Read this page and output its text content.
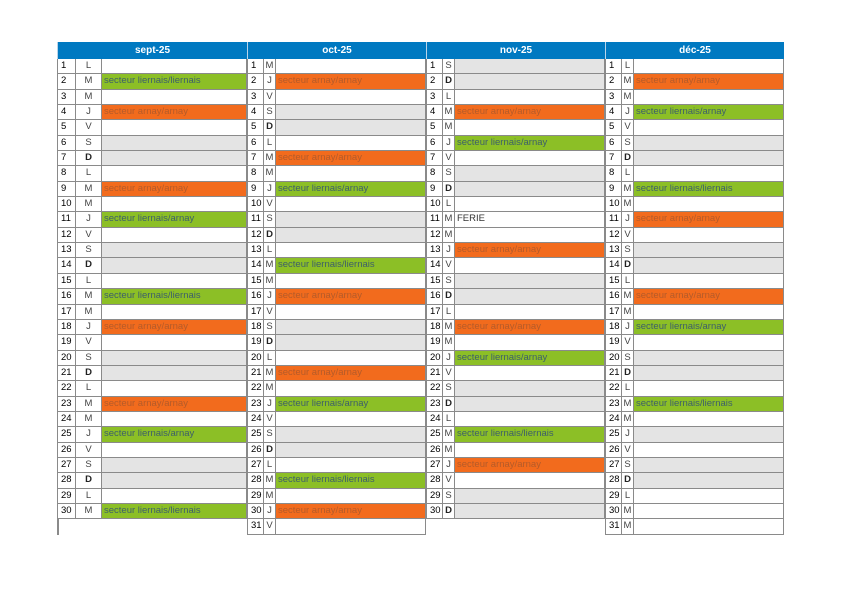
sept-25
1	L
2	M	secteur liernais/liernais
3	M
4	J	secteur arnay/arnay
5	V
6	S
7	D
8	L
9	M	secteur arnay/arnay
10	M
11	J	secteur liernais/arnay
12	V
13	S
14	D
15	L
16	M	secteur liernais/liernais
17	M
18	J	secteur arnay/arnay
19	V
20	S
21	D
22	L
23	M	secteur arnay/arnay
24	M
25	J	secteur liernais/arnay
26	V
27	S
28	D
29	L
30	M	secteur liernais/liernais
oct-25
1 M
2	J secteur arnay/arnay
3	V
4	S
5	D
6	L
7 M secteur arnay/arnay
8 M
9	J secteur liernais/arnay
10 V
11 S
12 D
13 L
14 M secteur liernais/liernais
15 M
16 J secteur arnay/arnay
17 V
18 S
19 D
20 L
21 M secteur arnay/arnay
22 M
23 J secteur liernais/arnay
24 V
25 S
26 D
27 L
28 M secteur liernais/liernais
29 M
30 J secteur arnay/arnay
31 V
nov-25
1	S
2	D
3	L
4 M secteur arnay/arnay
5 M
6	J secteur liernais/arnay
7	V
8	S
9	D
10 L
11 M FERIE
12 M
13 J secteur arnay/arnay
14 V
15 S
16 D
17 L
18 M secteur arnay/arnay
19 M
20 J secteur liernais/arnay
21 V
22 S
23 D
24 L
25 M secteur liernais/liernais
26 M
27 J secteur arnay/arnay
28 V
29 S
30 D
déc-25
1	L
2 M secteur arnay/arnay
3 M
4	J secteur liernais/arnay
5	V
6	S
7	D
8	L
9 M secteur liernais/liernais
10 M
11 J secteur arnay/arnay
12 V
13 S
14 D
15 L
16 M secteur arnay/arnay
17 M
18 J secteur liernais/arnay
19 V
20 S
21 D
22 L
23 M secteur liernais/liernais
24 M
25 J
26 V
27 S
28 D
29 L
30 M
31 M
